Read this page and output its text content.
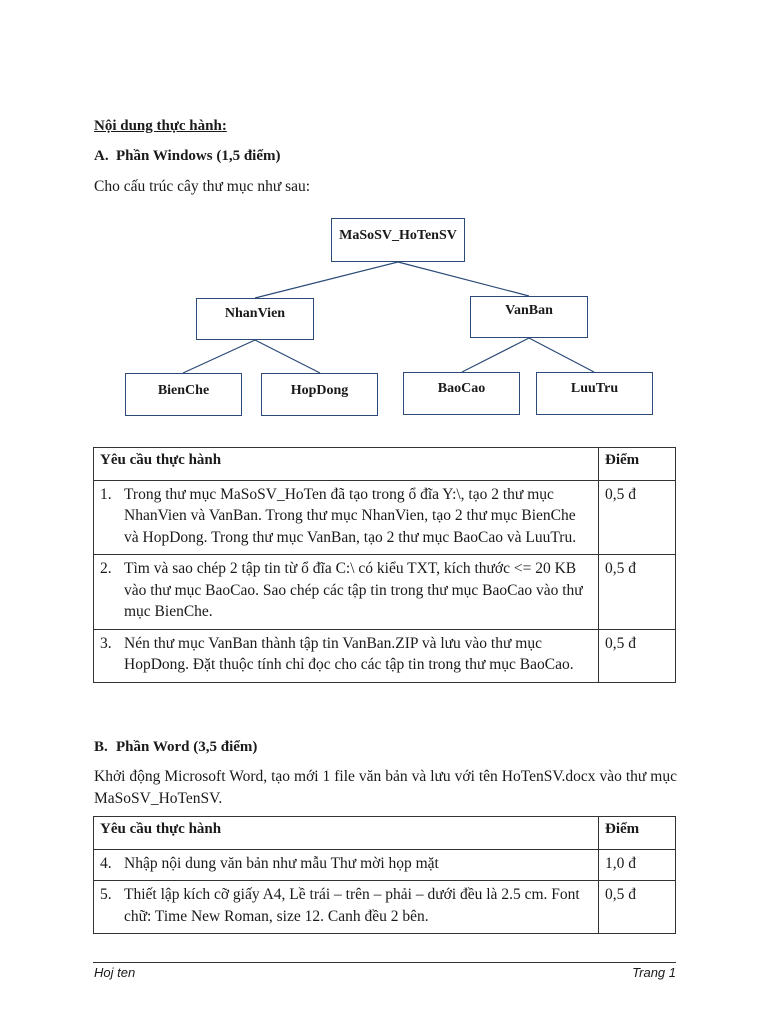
Nội dung thực hành:
A. Phần Windows (1,5 điểm)
Cho cấu trúc cây thư mục như sau:
MaSoSV_HoTenSV
NhanVien	VanBan
BienChe	HopDong	BaoCao	LuuTru
Yêu cầu thực hành	Điểm

1. Trong thư mục MaSoSV_HoTen đã tạo trong ổ đĩa Y:\, tạo 2 thư mục NhanVien và VanBan. Trong thư mục NhanVien, tạo 2 thư mục BienChe và HopDong. Trong thư mục VanBan, tạo 2 thư mục BaoCao và LuuTru.	0,5 đ

2. Tìm và sao chép 2 tập tin từ ổ đĩa C:\ có kiểu TXT, kích thước <= 20 KB vào thư mục BaoCao. Sao chép các tập tin trong thư mục BaoCao vào thư mục BienChe.	0,5 đ

3. Nén thư mục VanBan thành tập tin VanBan.ZIP và lưu vào thư mục HopDong. Đặt thuộc tính chỉ đọc cho các tập tin trong thư mục BaoCao.	0,5 đ
B. Phần Word (3,5 điểm)
Khởi động Microsoft Word, tạo mới 1 file văn bản và lưu với tên HoTenSV.docx vào thư mục MaSoSV_HoTenSV.
Yêu cầu thực hành	Điểm

4. Nhập nội dung văn bản như mẫu Thư mời họp mặt	1,0 đ

5. Thiết lập kích cỡ giấy A4, Lề trái – trên – phải – dưới đều là 2.5 cm. Font chữ: Time New Roman, size 12. Canh đều 2 bên.	0,5 đ
Hoj ten	Trang 1
